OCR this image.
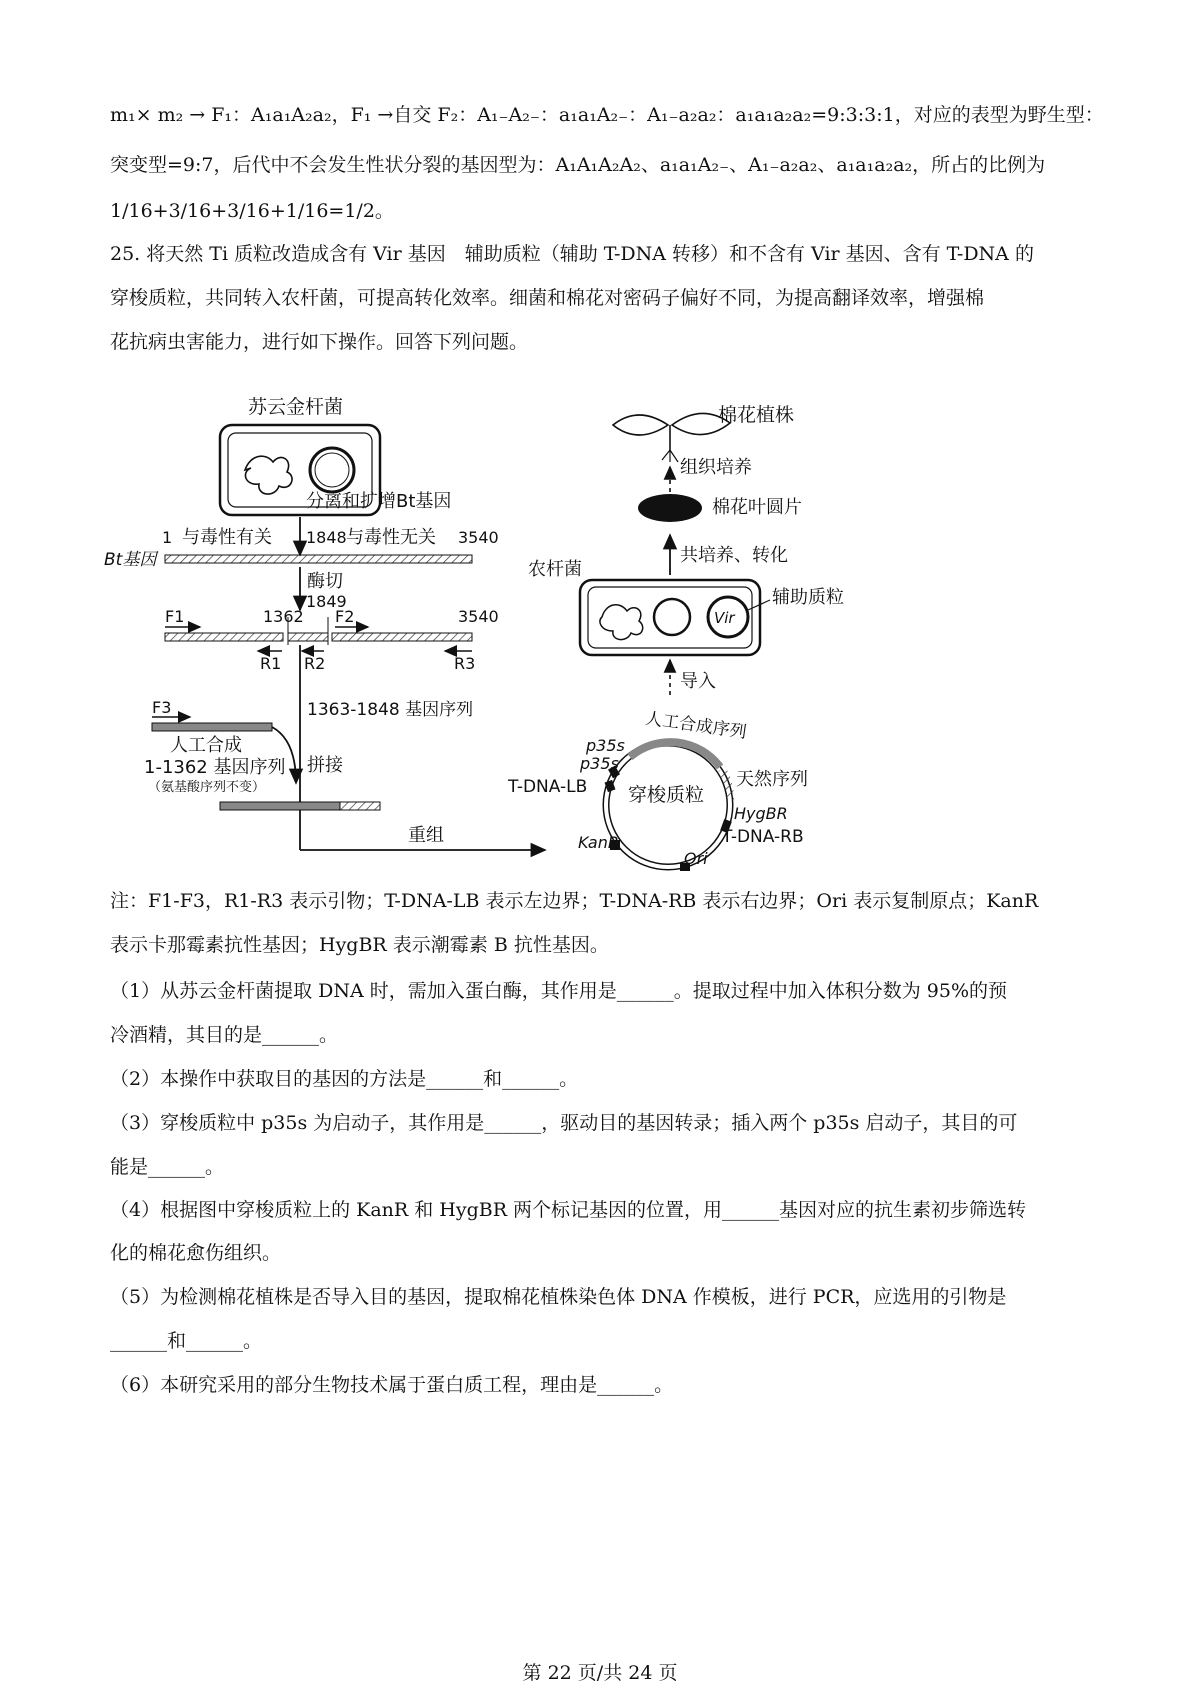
m₁× m₂ → F₁：A₁a₁A₂a₂，F₁ →自交 F₂：A₁₋A₂₋：a₁a₁A₂₋：A₁₋a₂a₂：a₁a₁a₂a₂=9:3:3:1，对应的表型为野生型：
突变型=9:7，后代中不会发生性状分裂的基因型为：A₁A₁A₂A₂、a₁a₁A₂₋、A₁₋a₂a₂、a₁a₁a₂a₂，所占的比例为
1/16+3/16+3/16+1/16=1/2。
25. 将天然 Ti 质粒改造成含有 Vir 基因　辅助质粒（辅助 T-DNA 转移）和不含有 Vir 基因、含有 T-DNA 的
穿梭质粒，共同转入农杆菌，可提高转化效率。细菌和棉花对密码子偏好不同，为提高翻译效率，增强棉
花抗病虫害能力，进行如下操作。回答下列问题。
苏云金杆菌
分离和扩增Bt基因
1 与毒性有关 1848 与毒性无关 3540
Bt基因
酶切
1849
F1	1362 F2	3540
R1 R2	R3
1363-1848 基因序列
F3
人工合成
1-1362 基因序列
（氨基酸序列不变）
拼接
重组
棉花植株
组织培养
棉花叶圆片
共培养、转化
农杆菌
Vir
辅助质粒
导入
人工合成序列
p35s
p35s
T-DNA-LB 穿梭质粒
天然序列
HygBR
T-DNA-RB
KanR
Ori
注：F1-F3，R1-R3 表示引物；T-DNA-LB 表示左边界；T-DNA-RB 表示右边界；Ori 表示复制原点；KanR
表示卡那霉素抗性基因；HygBR 表示潮霉素 B 抗性基因。
（1）从苏云金杆菌提取 DNA 时，需加入蛋白酶，其作用是______。提取过程中加入体积分数为 95%的预
冷酒精，其目的是______。
（2）本操作中获取目的基因的方法是______和______。
（3）穿梭质粒中 p35s 为启动子，其作用是______，驱动目的基因转录；插入两个 p35s 启动子，其目的可
能是______。
（4）根据图中穿梭质粒上的 KanR 和 HygBR 两个标记基因的位置，用______基因对应的抗生素初步筛选转
化的棉花愈伤组织。
（5）为检测棉花植株是否导入目的基因，提取棉花植株染色体 DNA 作模板，进行 PCR，应选用的引物是
______和______。
（6）本研究采用的部分生物技术属于蛋白质工程，理由是______。
第 22 页/共 24 页
